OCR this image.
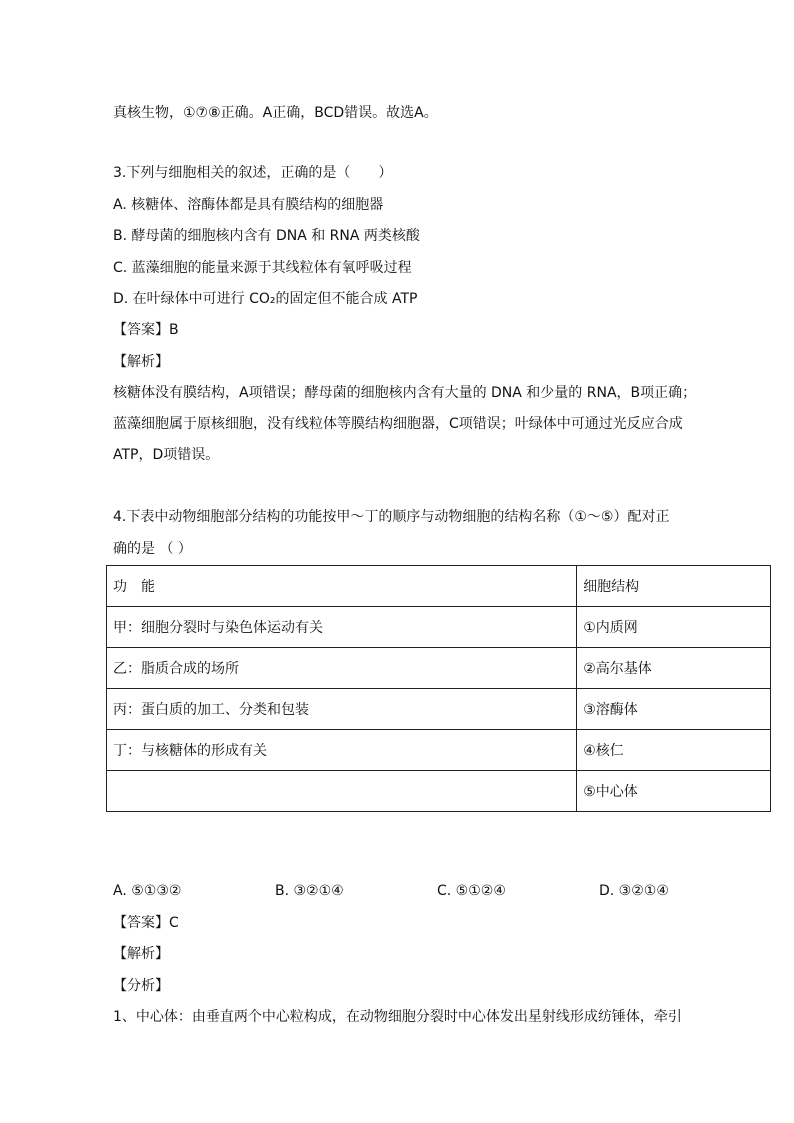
真核生物，①⑦⑧正确。A正确，BCD错误。故选A。
3.下列与细胞相关的叙述，正确的是（　　）
A. 核糖体、溶酶体都是具有膜结构的细胞器
B. 酵母菌的细胞核内含有 DNA 和 RNA 两类核酸
C. 蓝藻细胞的能量来源于其线粒体有氧呼吸过程
D. 在叶绿体中可进行 CO₂的固定但不能合成 ATP
【答案】B
【解析】
核糖体没有膜结构，A项错误；酵母菌的细胞核内含有大量的 DNA 和少量的 RNA，B项正确；
蓝藻细胞属于原核细胞，没有线粒体等膜结构细胞器，C项错误；叶绿体中可通过光反应合成
ATP，D项错误。
4.下表中动物细胞部分结构的功能按甲～丁的顺序与动物细胞的结构名称（①～⑤）配对正
确的是 （ ）
功　能	细胞结构
甲：细胞分裂时与染色体运动有关	①内质网
乙：脂质合成的场所	②高尔基体
丙：蛋白质的加工、分类和包装	③溶酶体
丁：与核糖体的形成有关	④核仁
	⑤中心体
A. ⑤①③②	B. ③②①④	C. ⑤①②④	D. ③②①④
【答案】C
【解析】
【分析】
1、中心体：由垂直两个中心粒构成，在动物细胞分裂时中心体发出星射线形成纺锤体，牵引
